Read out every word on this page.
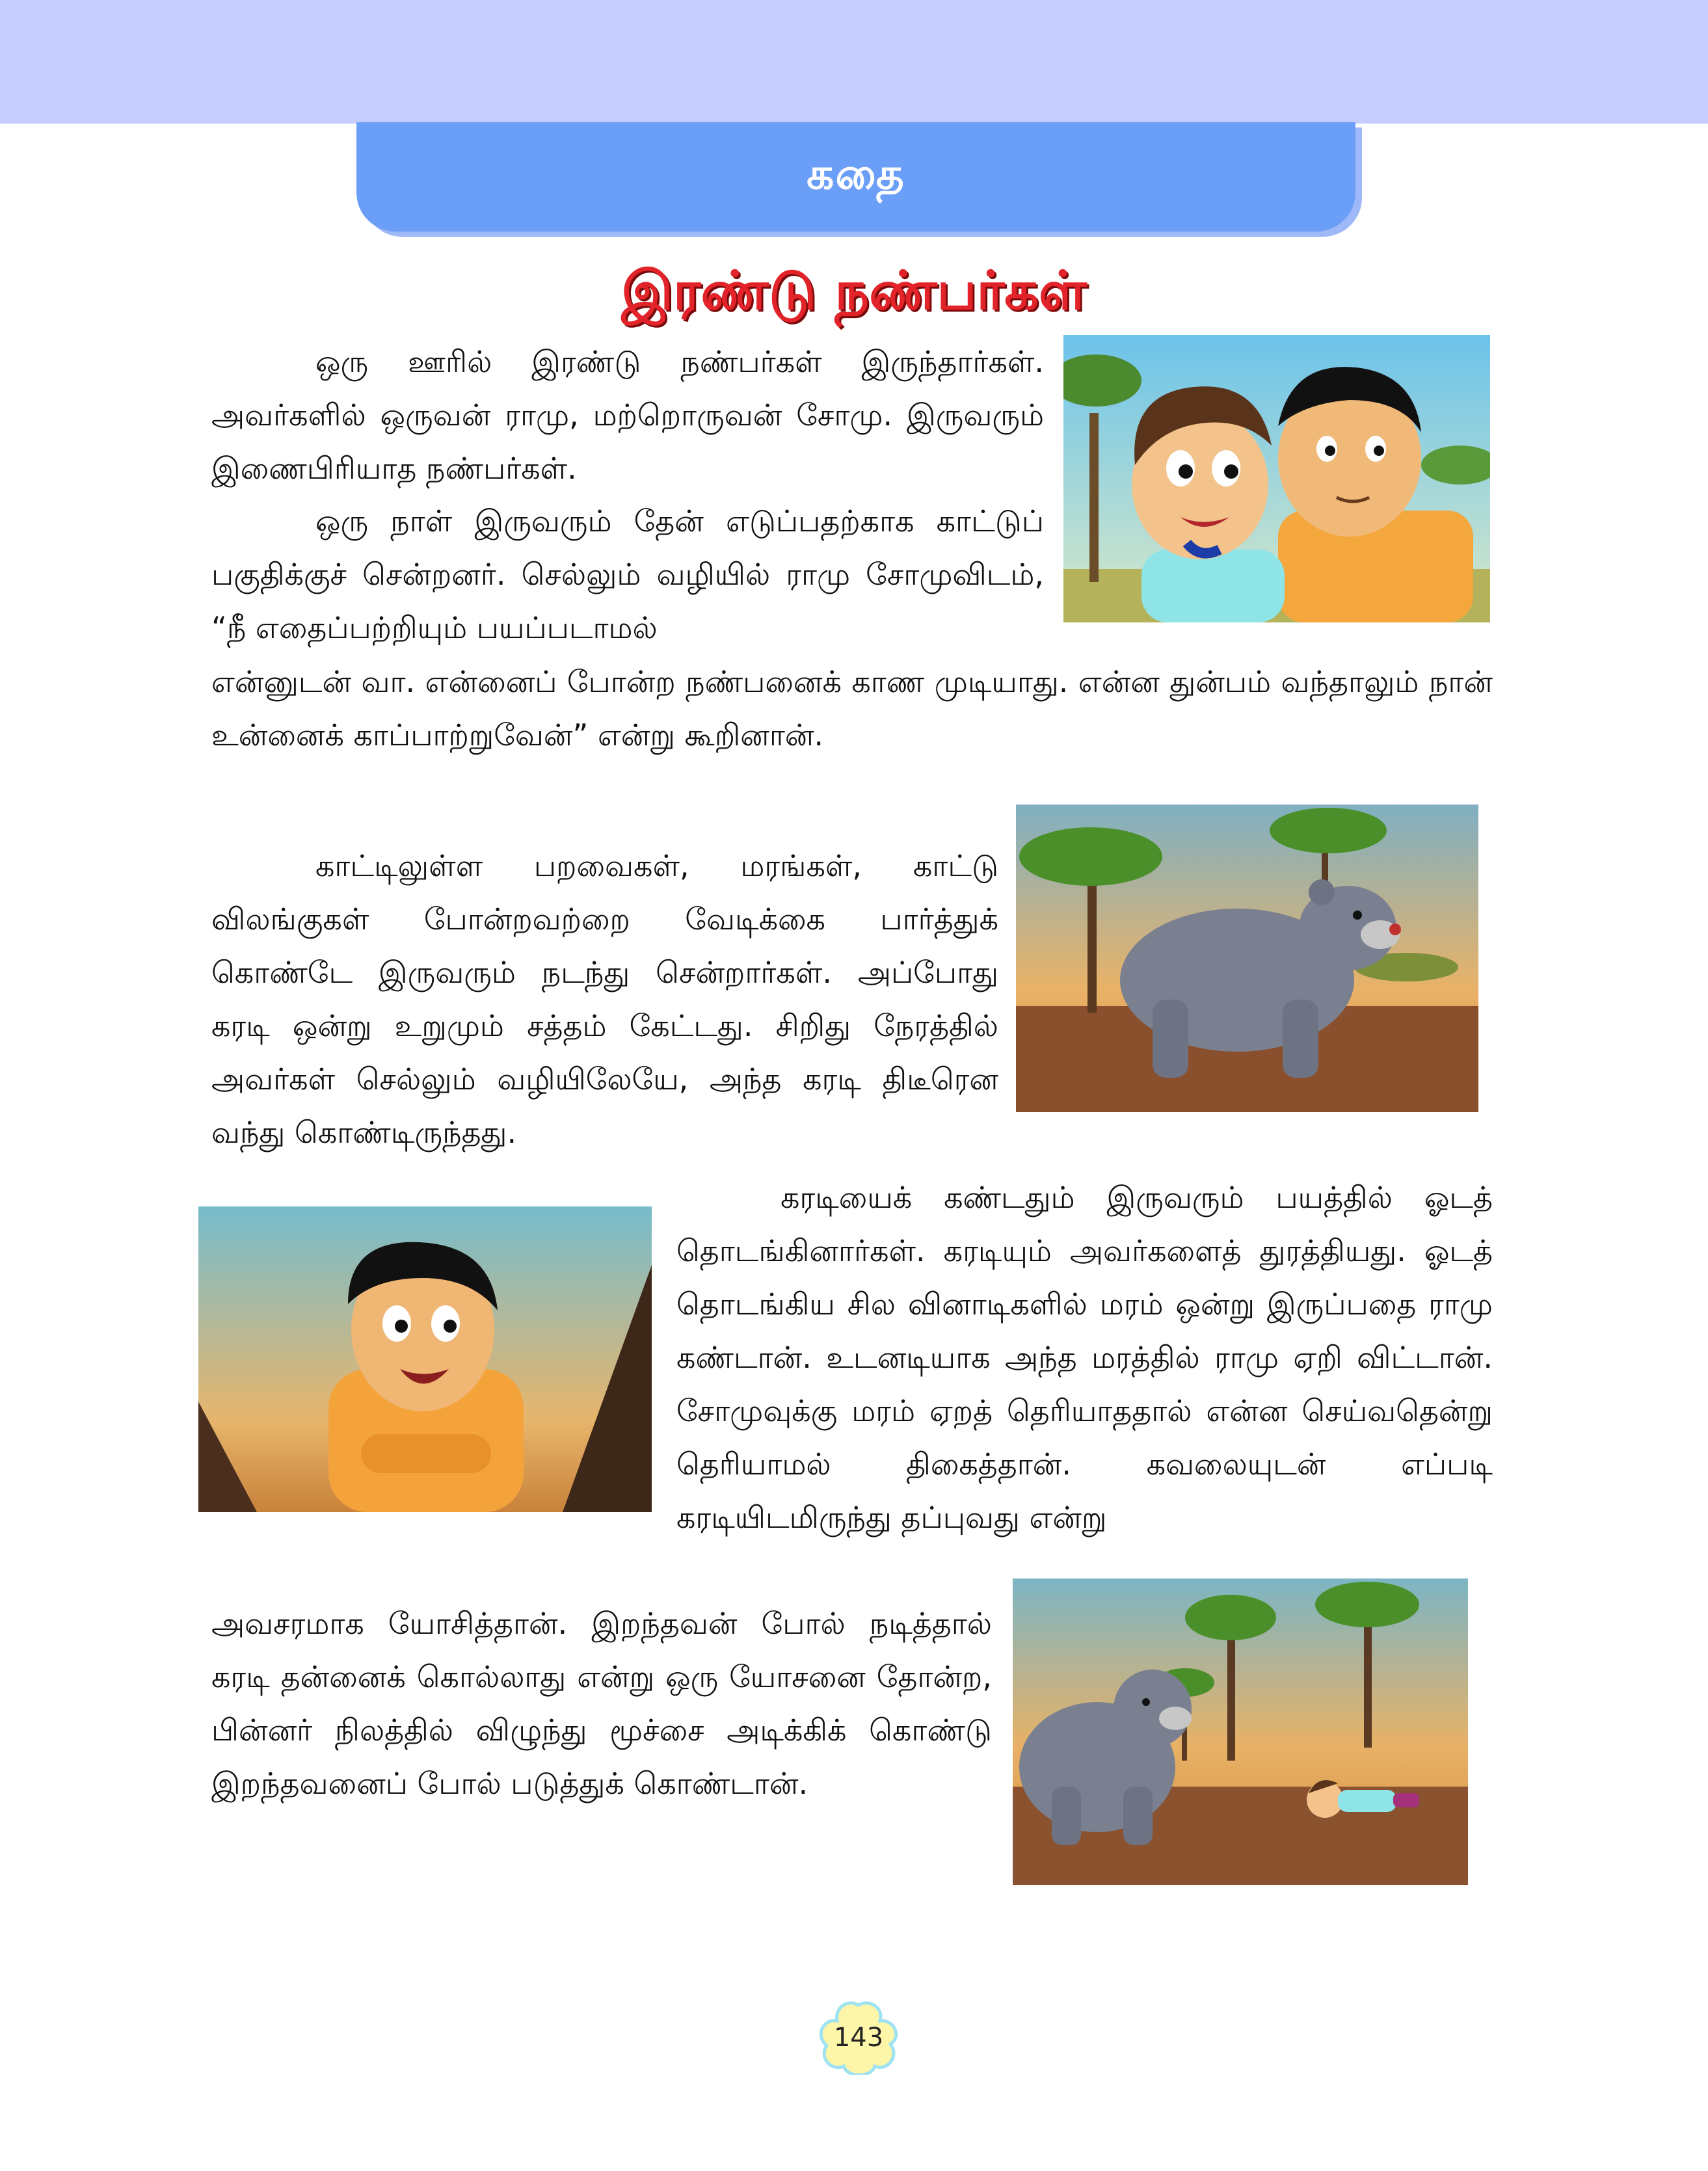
கதை
இரண்டு நண்பர்கள்

ஒரு ஊரில் இரண்டு நண்பர்கள் இருந்தார்கள். அவர்களில் ஒருவன் ராமு, மற்றொருவன் சோமு. இருவரும் இணைபிரியாத நண்பர்கள்.

ஒரு நாள் இருவரும் தேன் எடுப்பதற்காக காட்டுப் பகுதிக்குச் சென்றனர். செல்லும் வழியில் ராமு சோமுவிடம், “நீ எதைப்பற்றியும் பயப்படாமல்

என்னுடன் வா. என்னைப் போன்ற நண்பனைக் காண முடியாது. என்ன துன்பம் வந்தாலும் நான் உன்னைக் காப்பாற்றுவேன்” என்று கூறினான்.

காட்டிலுள்ள பறவைகள், மரங்கள், காட்டு விலங்குகள் போன்றவற்றை வேடிக்கை பார்த்துக் கொண்டே இருவரும் நடந்து சென்றார்கள். அப்போது கரடி ஒன்று உறுமும் சத்தம் கேட்டது. சிறிது நேரத்தில் அவர்கள் செல்லும் வழியிலேயே, அந்த கரடி திடீரென வந்து கொண்டிருந்தது.

கரடியைக் கண்டதும் இருவரும் பயத்தில் ஓடத் தொடங்கினார்கள். கரடியும் அவர்களைத் துரத்தியது. ஓடத் தொடங்கிய சில வினாடிகளில் மரம் ஒன்று இருப்பதை ராமு கண்டான். உடனடியாக அந்த மரத்தில் ராமு ஏறி விட்டான். சோமுவுக்கு மரம் ஏறத் தெரியாததால் என்ன செய்வதென்று தெரியாமல் திகைத்தான். கவலையுடன் எப்படி கரடியிடமிருந்து தப்புவது என்று

அவசரமாக யோசித்தான். இறந்தவன் போல் நடித்தால் கரடி தன்னைக் கொல்லாது என்று ஒரு யோசனை தோன்ற, பின்னர் நிலத்தில் விழுந்து மூச்சை அடிக்கிக் கொண்டு இறந்தவனைப் போல் படுத்துக் கொண்டான்.

143
